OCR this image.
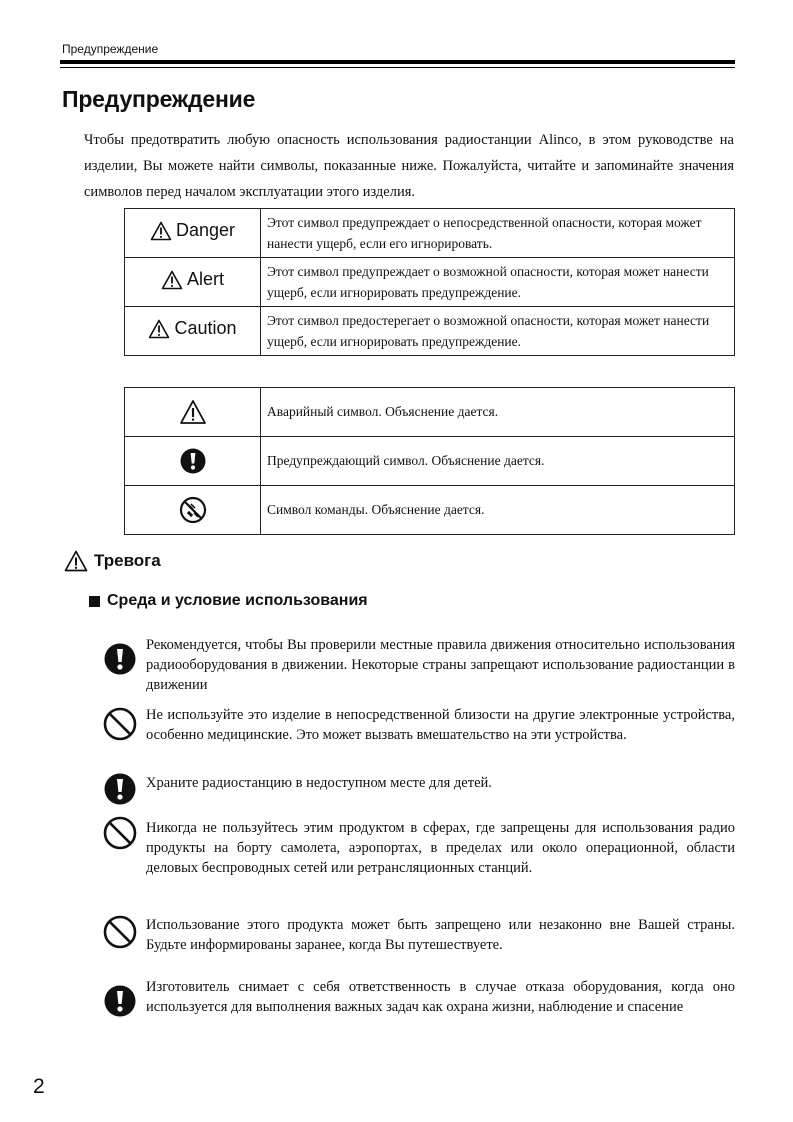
Предупреждение
Предупреждение

Чтобы предотвратить любую опасность использования радиостанции Alinco, в этом руководстве на изделии, Вы можете найти символы, показанные ниже. Пожалуйста, читайте и запоминайте значения символов перед началом эксплуатации этого изделия.

Danger	Этот символ предупреждает о непосредственной опасности, которая может нанести ущерб, если его игнорировать.

Alert	Этот символ предупреждает о возможной опасности, которая может нанести ущерб, если игнорировать предупреждение.

Caution	Этот символ предостерегает о возможной опасности, которая может нанести ущерб, если игнорировать предупреждение.
	Аварийный символ. Объяснение дается.

	Предупреждающий символ. Объяснение дается.

	Символ команды. Объяснение дается.
Тревога
Среда и условие использования

Рекомендуется, чтобы Вы проверили местные правила движения относительно использования радиооборудования в движении. Некоторые страны запрещают использование радиостанции в движении

Не используйте это изделие в непосредственной близости на другие электронные устройства, особенно медицинские. Это может вызвать вмешательство на эти устройства.

Храните радиостанцию в недоступном месте для детей.

Никогда не пользуйтесь этим продуктом в сферах, где запрещены для использования радио продукты на борту самолета, аэропортах, в пределах или около операционной, области деловых беспроводных сетей или ретрансляционных станций.

Использование этого продукта может быть запрещено или незаконно вне Вашей страны. Будьте информированы заранее, когда Вы путешествуете.

Изготовитель снимает с себя ответственность в случае отказа оборудования, когда оно используется для выполнения важных задач как охрана жизни, наблюдение и спасение

2
